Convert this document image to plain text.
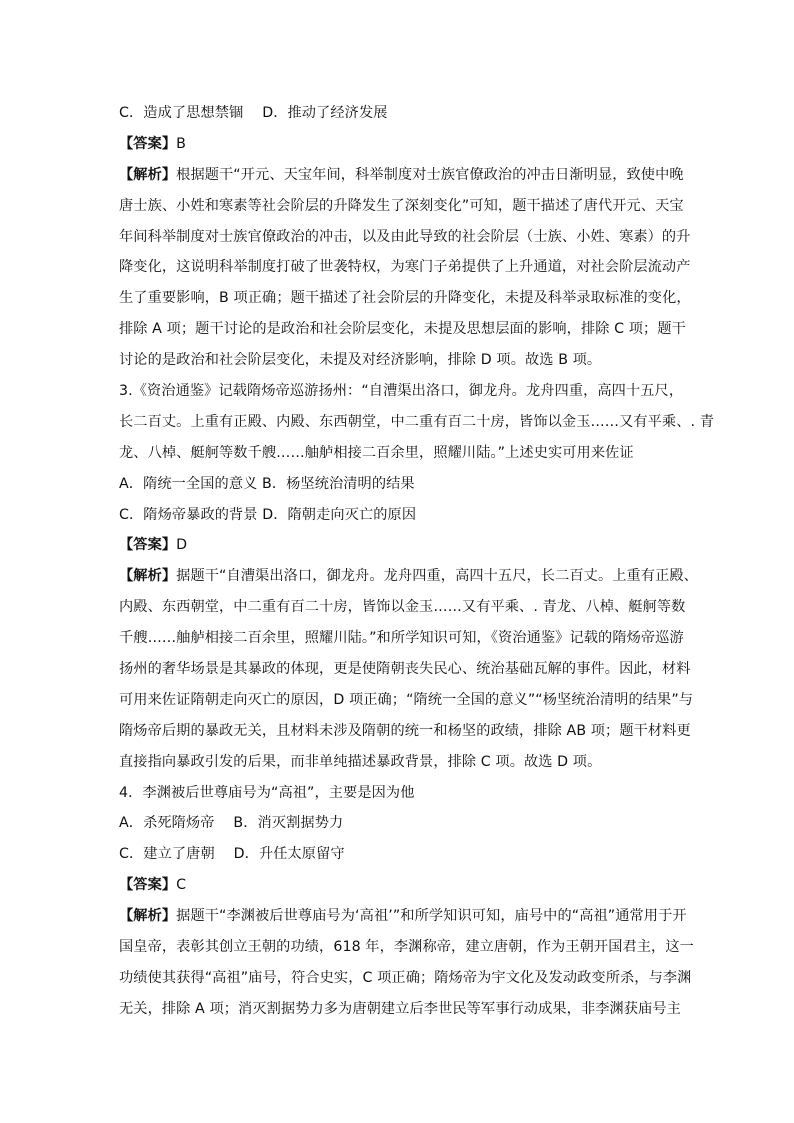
C．造成了思想禁锢　 D．推动了经济发展
【答案】B
【解析】根据题干“开元、天宝年间，科举制度对士族官僚政治的冲击日渐明显，致使中晚
唐士族、小姓和寒素等社会阶层的升降发生了深刻变化”可知，题干描述了唐代开元、天宝
年间科举制度对士族官僚政治的冲击，以及由此导致的社会阶层（士族、小姓、寒素）的升
降变化，这说明科举制度打破了世袭特权，为寒门子弟提供了上升通道，对社会阶层流动产
生了重要影响，B 项正确；题干描述了社会阶层的升降变化，未提及科举录取标准的变化，
排除 A 项；题干讨论的是政治和社会阶层变化，未提及思想层面的影响，排除 C 项；题干
讨论的是政治和社会阶层变化，未提及对经济影响，排除 D 项。故选 B 项。
3.《资治通鉴》记载隋炀帝巡游扬州：“自漕渠出洛口，御龙舟。龙舟四重，高四十五尺，
长二百丈。上重有正殿、内殿、东西朝堂，中二重有百二十房，皆饰以金玉……又有平乘、. 青
龙、八棹、艇舸等数千艘……舳舻相接二百余里，照耀川陆。”上述史实可用来佐证
A．隋统一全国的意义 B．杨坚统治清明的结果
C．隋炀帝暴政的背景 D．隋朝走向灭亡的原因
【答案】D
【解析】据题干“自漕渠出洛口，御龙舟。龙舟四重，高四十五尺，长二百丈。上重有正殿、
内殿、东西朝堂，中二重有百二十房，皆饰以金玉……又有平乘、. 青龙、八棹、艇舸等数
千艘……舳舻相接二百余里，照耀川陆。”和所学知识可知，《资治通鉴》记载的隋炀帝巡游
扬州的奢华场景是其暴政的体现，更是使隋朝丧失民心、统治基础瓦解的事件。因此，材料
可用来佐证隋朝走向灭亡的原因，D 项正确；“隋统一全国的意义”“杨坚统治清明的结果”与
隋炀帝后期的暴政无关，且材料未涉及隋朝的统一和杨坚的政绩，排除 AB 项；题干材料更
直接指向暴政引发的后果，而非单纯描述暴政背景，排除 C 项。故选 D 项。
4．李渊被后世尊庙号为“高祖”，主要是因为他
A．杀死隋炀帝　 B．消灭割据势力
C．建立了唐朝　 D．升任太原留守
【答案】C
【解析】据题干“李渊被后世尊庙号为‘高祖’”和所学知识可知，庙号中的“高祖”通常用于开
国皇帝，表彰其创立王朝的功绩，618 年，李渊称帝，建立唐朝，作为王朝开国君主，这一
功绩使其获得“高祖”庙号，符合史实，C 项正确；隋炀帝为宇文化及发动政变所杀，与李渊
无关，排除 A 项；消灭割据势力多为唐朝建立后李世民等军事行动成果，非李渊获庙号主
